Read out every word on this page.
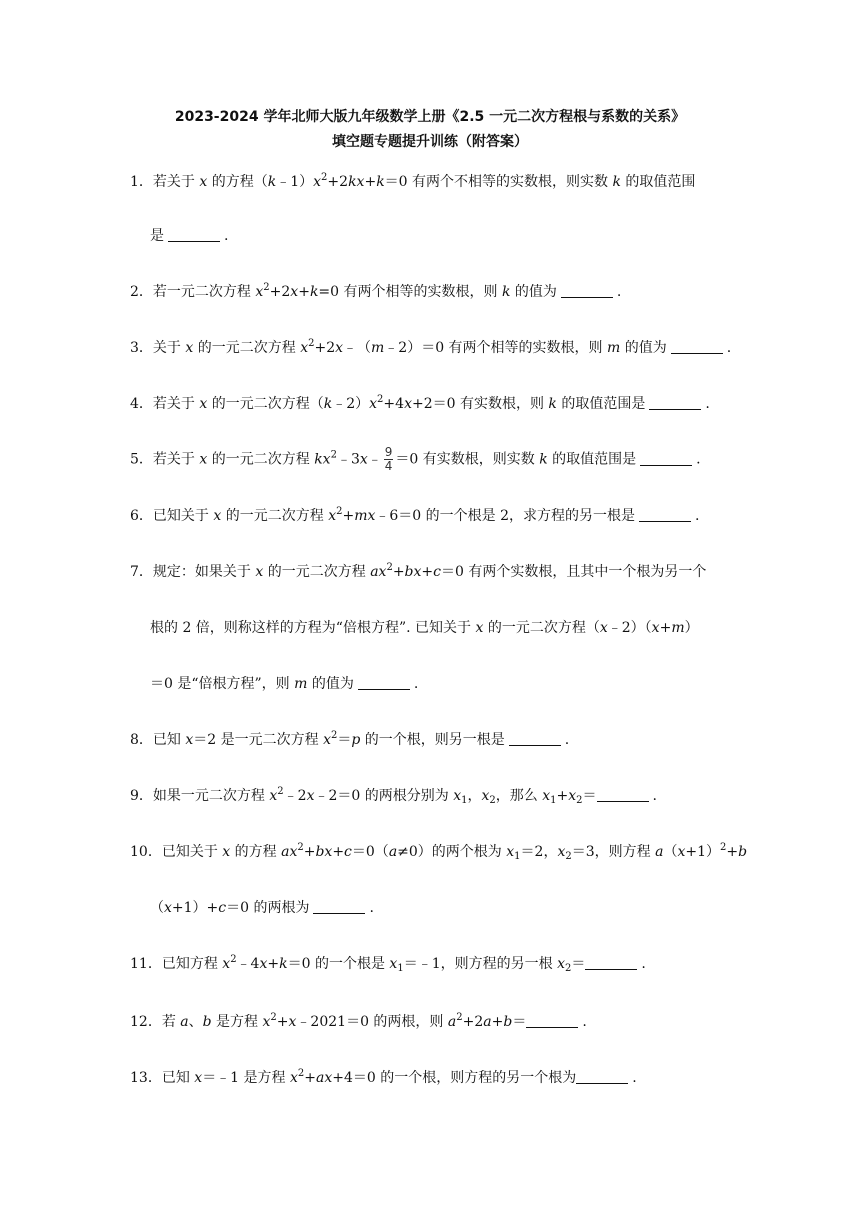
2023-2024 学年北师大版九年级数学上册《2.5 一元二次方程根与系数的关系》
填空题专题提升训练（附答案）
1．若关于 x 的方程$(k﹣1)x^2+2kx+k=0$ 有两个不相等的实数根，则实数 k 的取值范围
是	.
2．若一元二次方程 $x^2+2x+k=0$ 有两个相等的实数根，则 k 的值为	.
3．关于 x 的一元二次方程 $x^2+2x﹣(m﹣2)=0$ 有两个相等的实数根，则 m 的值为	.
4．若关于 x 的一元二次方程$(k﹣2)x^2+4x+2=0$ 有实数根，则 k 的取值范围是	.
5．若关于 x 的一元二次方程 $kx^2﹣3x﹣ \frac{9}{4} =0$ 有实数根，则实数 k 的取值范围是	.
6．已知关于 x 的一元二次方程 $x^2+mx﹣6=0$ 的一个根是 2，求方程的另一根是	.
7．规定：如果关于 x 的一元二次方程 $ax^2+bx+c=0$ 有两个实数根，且其中一个根为另一个
根的 2 倍，则称这样的方程为“倍根方程”. 已知关于 x 的一元二次方程（x﹣2）（x+m）
＝0 是“倍根方程”，则 m 的值为	.
8．已知 x＝2 是一元二次方程 $x^2=p$ 的一个根，则另一根是	.
9．如果一元二次方程 $x^2﹣2x﹣2=0$ 的两根分别为 $x_1$，$x_2$，那么 $x_1+x_2=$	.
10．已知关于 x 的方程 $ax^2+bx+c=0(a\ne 0)$的两个根为 $x_1=2$，$x_2=3$，则方程 $a(x+1)^2+b$
（x+1）+c＝0 的两根为	.
11．已知方程 $x^2﹣4x+k=0$ 的一个根是 $x_1=﹣1$，则方程的另一根 $x_2=$	.
12．若 a、b 是方程 $x^2+x﹣2021=0$ 的两根，则 $a^2+2a+b=$	.
13．已知 x＝﹣1 是方程 $x^2+ax+4=0$ 的一个根，则方程的另一个根为	.
